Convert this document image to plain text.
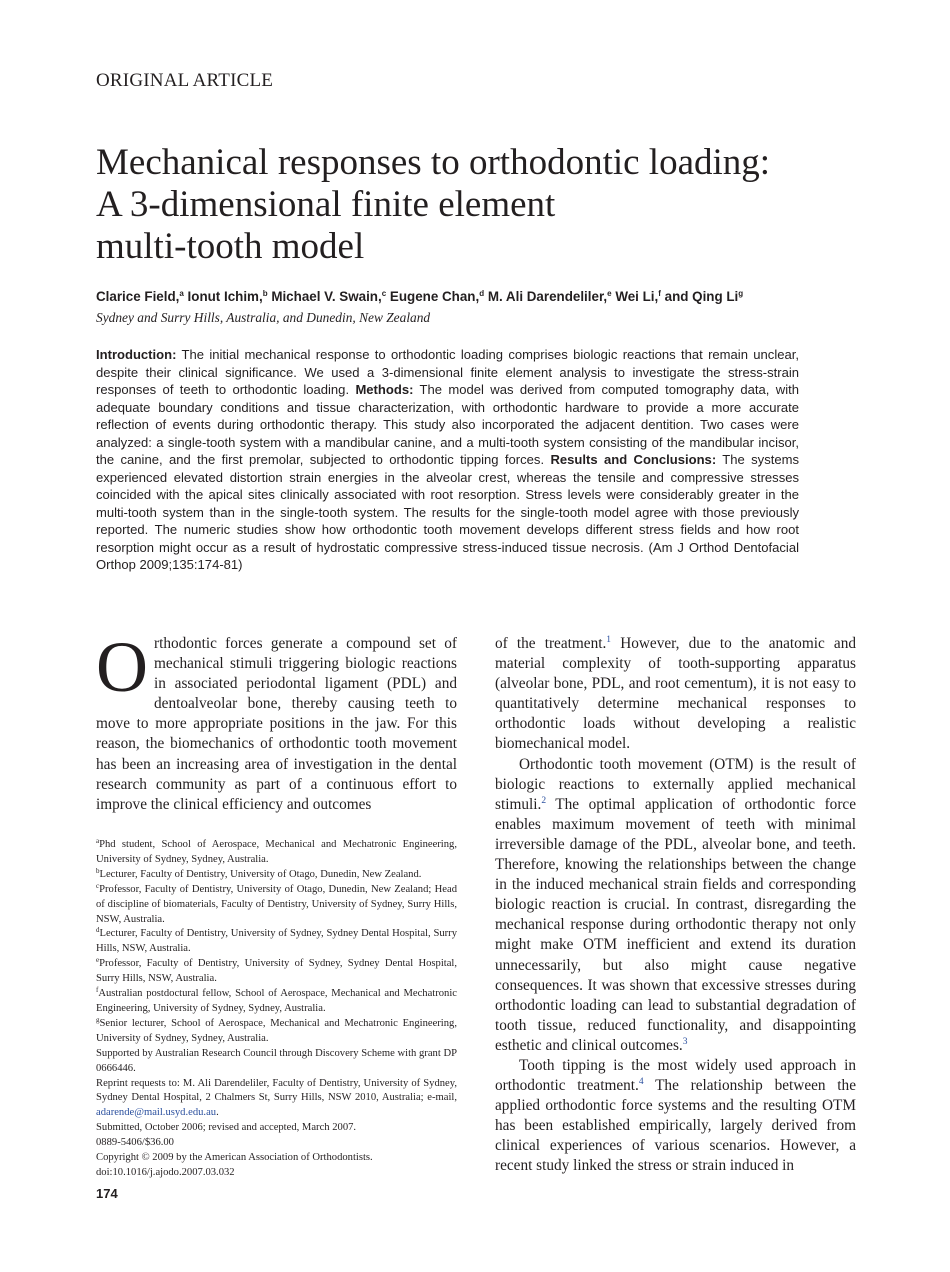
ORIGINAL ARTICLE
Mechanical responses to orthodontic loading:
A 3-dimensional finite element
multi-tooth model
Clarice Field,$^a$ Ionut Ichim,$^b$ Michael V. Swain,$^c$ Eugene Chan,$^d$ M. Ali Darendeliler,$^e$ Wei Li,$^f$ and Qing Li$^g$
Sydney and Surry Hills, Australia, and Dunedin, New Zealand
Introduction: The initial mechanical response to orthodontic loading comprises biologic reactions that remain unclear, despite their clinical significance. We used a 3-dimensional finite element analysis to investigate the stress-strain responses of teeth to orthodontic loading. Methods: The model was derived from computed tomography data, with adequate boundary conditions and tissue characterization, with orthodontic hardware to provide a more accurate reflection of events during orthodontic therapy. This study also incorporated the adjacent dentition. Two cases were analyzed: a single-tooth system with a mandibular canine, and a multi-tooth system consisting of the mandibular incisor, the canine, and the first premolar, subjected to orthodontic tipping forces. Results and Conclusions: The systems experienced elevated distortion strain energies in the alveolar crest, whereas the tensile and compressive stresses coincided with the apical sites clinically associated with root resorption. Stress levels were considerably greater in the multi-tooth system than in the single-tooth system. The results for the single-tooth model agree with those previously reported. The numeric studies show how orthodontic tooth movement develops different stress fields and how root resorption might occur as a result of hydrostatic compressive stress-induced tissue necrosis. (Am J Orthod Dentofacial Orthop 2009;135:174-81)

Orthodontic forces generate a compound set of mechanical stimuli triggering biologic reactions in associated periodontal ligament (PDL) and dentoalveolar bone, thereby causing teeth to move to more appropriate positions in the jaw. For this reason, the biomechanics of orthodontic tooth movement has been an increasing area of investigation in the dental research community as part of a continuous effort to improve the clinical efficiency and outcomes

$^a$Phd student, School of Aerospace, Mechanical and Mechatronic Engineering, University of Sydney, Sydney, Australia.

$^b$Lecturer, Faculty of Dentistry, University of Otago, Dunedin, New Zealand.

$^c$Professor, Faculty of Dentistry, University of Otago, Dunedin, New Zealand; Head of discipline of biomaterials, Faculty of Dentistry, University of Sydney, Surry Hills, NSW, Australia.

$^d$Lecturer, Faculty of Dentistry, University of Sydney, Sydney Dental Hospital, Surry Hills, NSW, Australia.

$^e$Professor, Faculty of Dentistry, University of Sydney, Sydney Dental Hospital, Surry Hills, NSW, Australia.

$^f$Australian postdoctural fellow, School of Aerospace, Mechanical and Mechatronic Engineering, University of Sydney, Sydney, Australia.

$^g$Senior lecturer, School of Aerospace, Mechanical and Mechatronic Engineering, University of Sydney, Sydney, Australia.

Supported by Australian Research Council through Discovery Scheme with grant DP 0666446.

Reprint requests to: M. Ali Darendeliler, Faculty of Dentistry, University of Sydney, Sydney Dental Hospital, 2 Chalmers St, Surry Hills, NSW 2010, Australia; e-mail, adarende@mail.usyd.edu.au.

Submitted, October 2006; revised and accepted, March 2007.

0889-5406/$36.00

Copyright © 2009 by the American Association of Orthodontists.

doi:10.1016/j.ajodo.2007.03.032

of the treatment.$^1$ However, due to the anatomic and material complexity of tooth-supporting apparatus (alveolar bone, PDL, and root cementum), it is not easy to quantitatively determine mechanical responses to orthodontic loads without developing a realistic biomechanical model.

Orthodontic tooth movement (OTM) is the result of biologic reactions to externally applied mechanical stimuli.$^2$ The optimal application of orthodontic force enables maximum movement of teeth with minimal irreversible damage of the PDL, alveolar bone, and teeth. Therefore, knowing the relationships between the change in the induced mechanical strain fields and corresponding biologic reaction is crucial. In contrast, disregarding the mechanical response during orthodontic therapy not only might make OTM inefficient and extend its duration unnecessarily, but also might cause negative consequences. It was shown that excessive stresses during orthodontic loading can lead to substantial degradation of tooth tissue, reduced functionality, and disappointing esthetic and clinical outcomes.$^3$

Tooth tipping is the most widely used approach in orthodontic treatment.$^4$ The relationship between the applied orthodontic force systems and the resulting OTM has been established empirically, largely derived from clinical experiences of various scenarios. However, a recent study linked the stress or strain induced in

174
